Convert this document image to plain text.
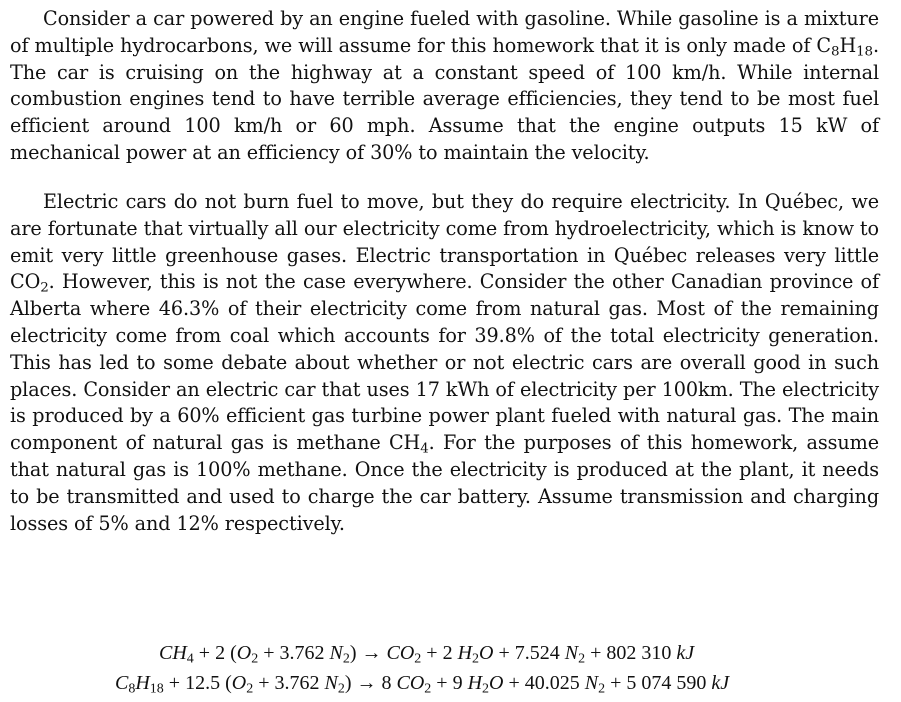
Consider a car powered by an engine fueled with gasoline. While gasoline is a mixture of multiple hydrocarbons, we will assume for this homework that it is only made of $C_8H_{18}$. The car is cruising on the highway at a constant speed of 100 km/h. While internal combustion engines tend to have terrible average efficiencies, they tend to be most fuel efficient around 100 km/h or 60 mph. Assume that the engine outputs 15 kW of mechanical power at an efficiency of 30% to maintain the velocity.

Electric cars do not burn fuel to move, but they do require electricity. In Québec, we are fortunate that virtually all our electricity come from hydroelectricity, which is know to emit very little greenhouse gases. Electric transportation in Québec releases very little $CO_2$. However, this is not the case everywhere. Consider the other Canadian province of Alberta where 46.3% of their electricity come from natural gas. Most of the remaining electricity come from coal which accounts for 39.8% of the total electricity generation. This has led to some debate about whether or not electric cars are overall good in such places. Consider an electric car that uses 17 kWh of electricity per 100km. The electricity is produced by a 60% efficient gas turbine power plant fueled with natural gas. The main component of natural gas is methane $CH_4$. For the purposes of this homework, assume that natural gas is 100% methane. Once the electricity is produced at the plant, it needs to be transmitted and used to charge the car battery. Assume transmission and charging losses of 5% and 12% respectively.

$CH_4 + 2$ ($O_2 + 3.762$ $N_2) \to CO_2 + 2$ $H_2O + 7.524$ $N_2 + 802$ 310 kJ
$C_8H_{18} + 12.5$ ($O_2 + 3.762$ $N_2) \to 8$ $CO_2 + 9$ $H_2O + 40.025$ $N_2 + 5$ 074 590 kJ
